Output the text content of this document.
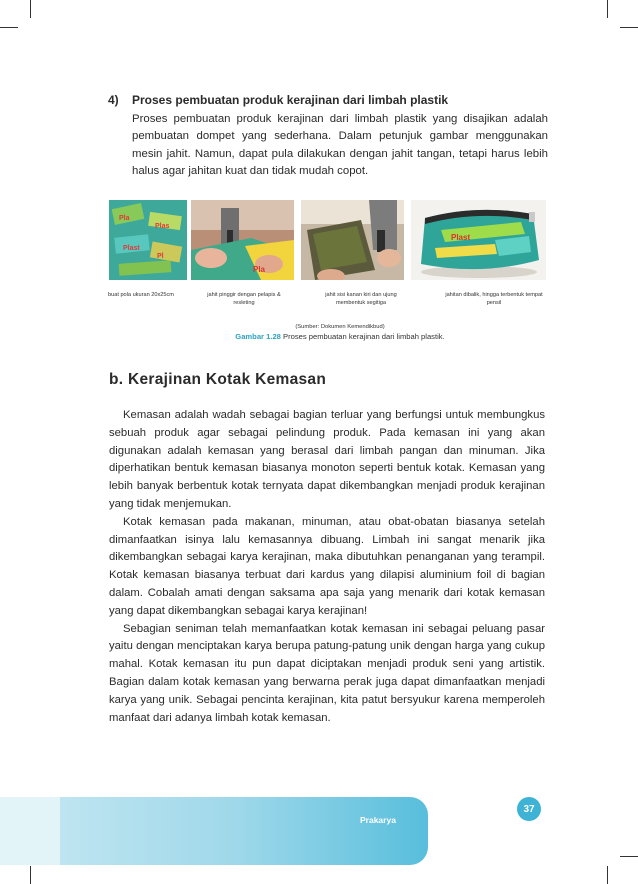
4) Proses pembuatan produk kerajinan dari limbah plastik

Proses pembuatan produk kerajinan dari limbah plastik yang disajikan adalah pembuatan dompet yang sederhana. Dalam petunjuk gambar menggunakan mesin jahit. Namun, dapat pula dilakukan dengan jahit tangan, tetapi harus lebih halus agar jahitan kuat dan tidak mudah copot.

Pla
Plas
Plast
Pl
Pla
Plast
buat pola ukuran 20x25cm	jahit pinggir dengan pelapis & resleting
jahit sisi kanan kiri dan ujung membentuk segitiga
jahitan dibalik, hingga terbentuk tempat pensil
(Sumber: Dokumen Kemendikbud)
Gambar 1.28 Proses pembuatan kerajinan dari limbah plastik.
b. Kerajinan Kotak Kemasan

Kemasan adalah wadah sebagai bagian terluar yang berfungsi untuk membungkus sebuah produk agar sebagai pelindung produk. Pada kemasan ini yang akan digunakan adalah kemasan yang berasal dari limbah pangan dan minuman. Jika diperhatikan bentuk kemasan biasanya monoton seperti bentuk kotak. Kemasan yang lebih banyak berbentuk kotak ternyata dapat dikembangkan menjadi produk kerajinan yang tidak menjemukan.

Kotak kemasan pada makanan, minuman, atau obat-obatan biasanya setelah dimanfaatkan isinya lalu kemasannya dibuang. Limbah ini sangat menarik jika dikembangkan sebagai karya kerajinan, maka dibutuhkan penanganan yang terampil. Kotak kemasan biasanya terbuat dari kardus yang dilapisi aluminium foil di bagian dalam. Cobalah amati dengan saksama apa saja yang menarik dari kotak kemasan yang dapat dikembangkan sebagai karya kerajinan!

Sebagian seniman telah memanfaatkan kotak kemasan ini sebagai peluang pasar yaitu dengan menciptakan karya berupa patung-patung unik dengan harga yang cukup mahal. Kotak kemasan itu pun dapat diciptakan menjadi produk seni yang artistik. Bagian dalam kotak kemasan yang berwarna perak juga dapat dimanfaatkan menjadi karya yang unik. Sebagai pencinta kerajinan, kita patut bersyukur karena memperoleh manfaat dari adanya limbah kotak kemasan.

Prakarya
37
